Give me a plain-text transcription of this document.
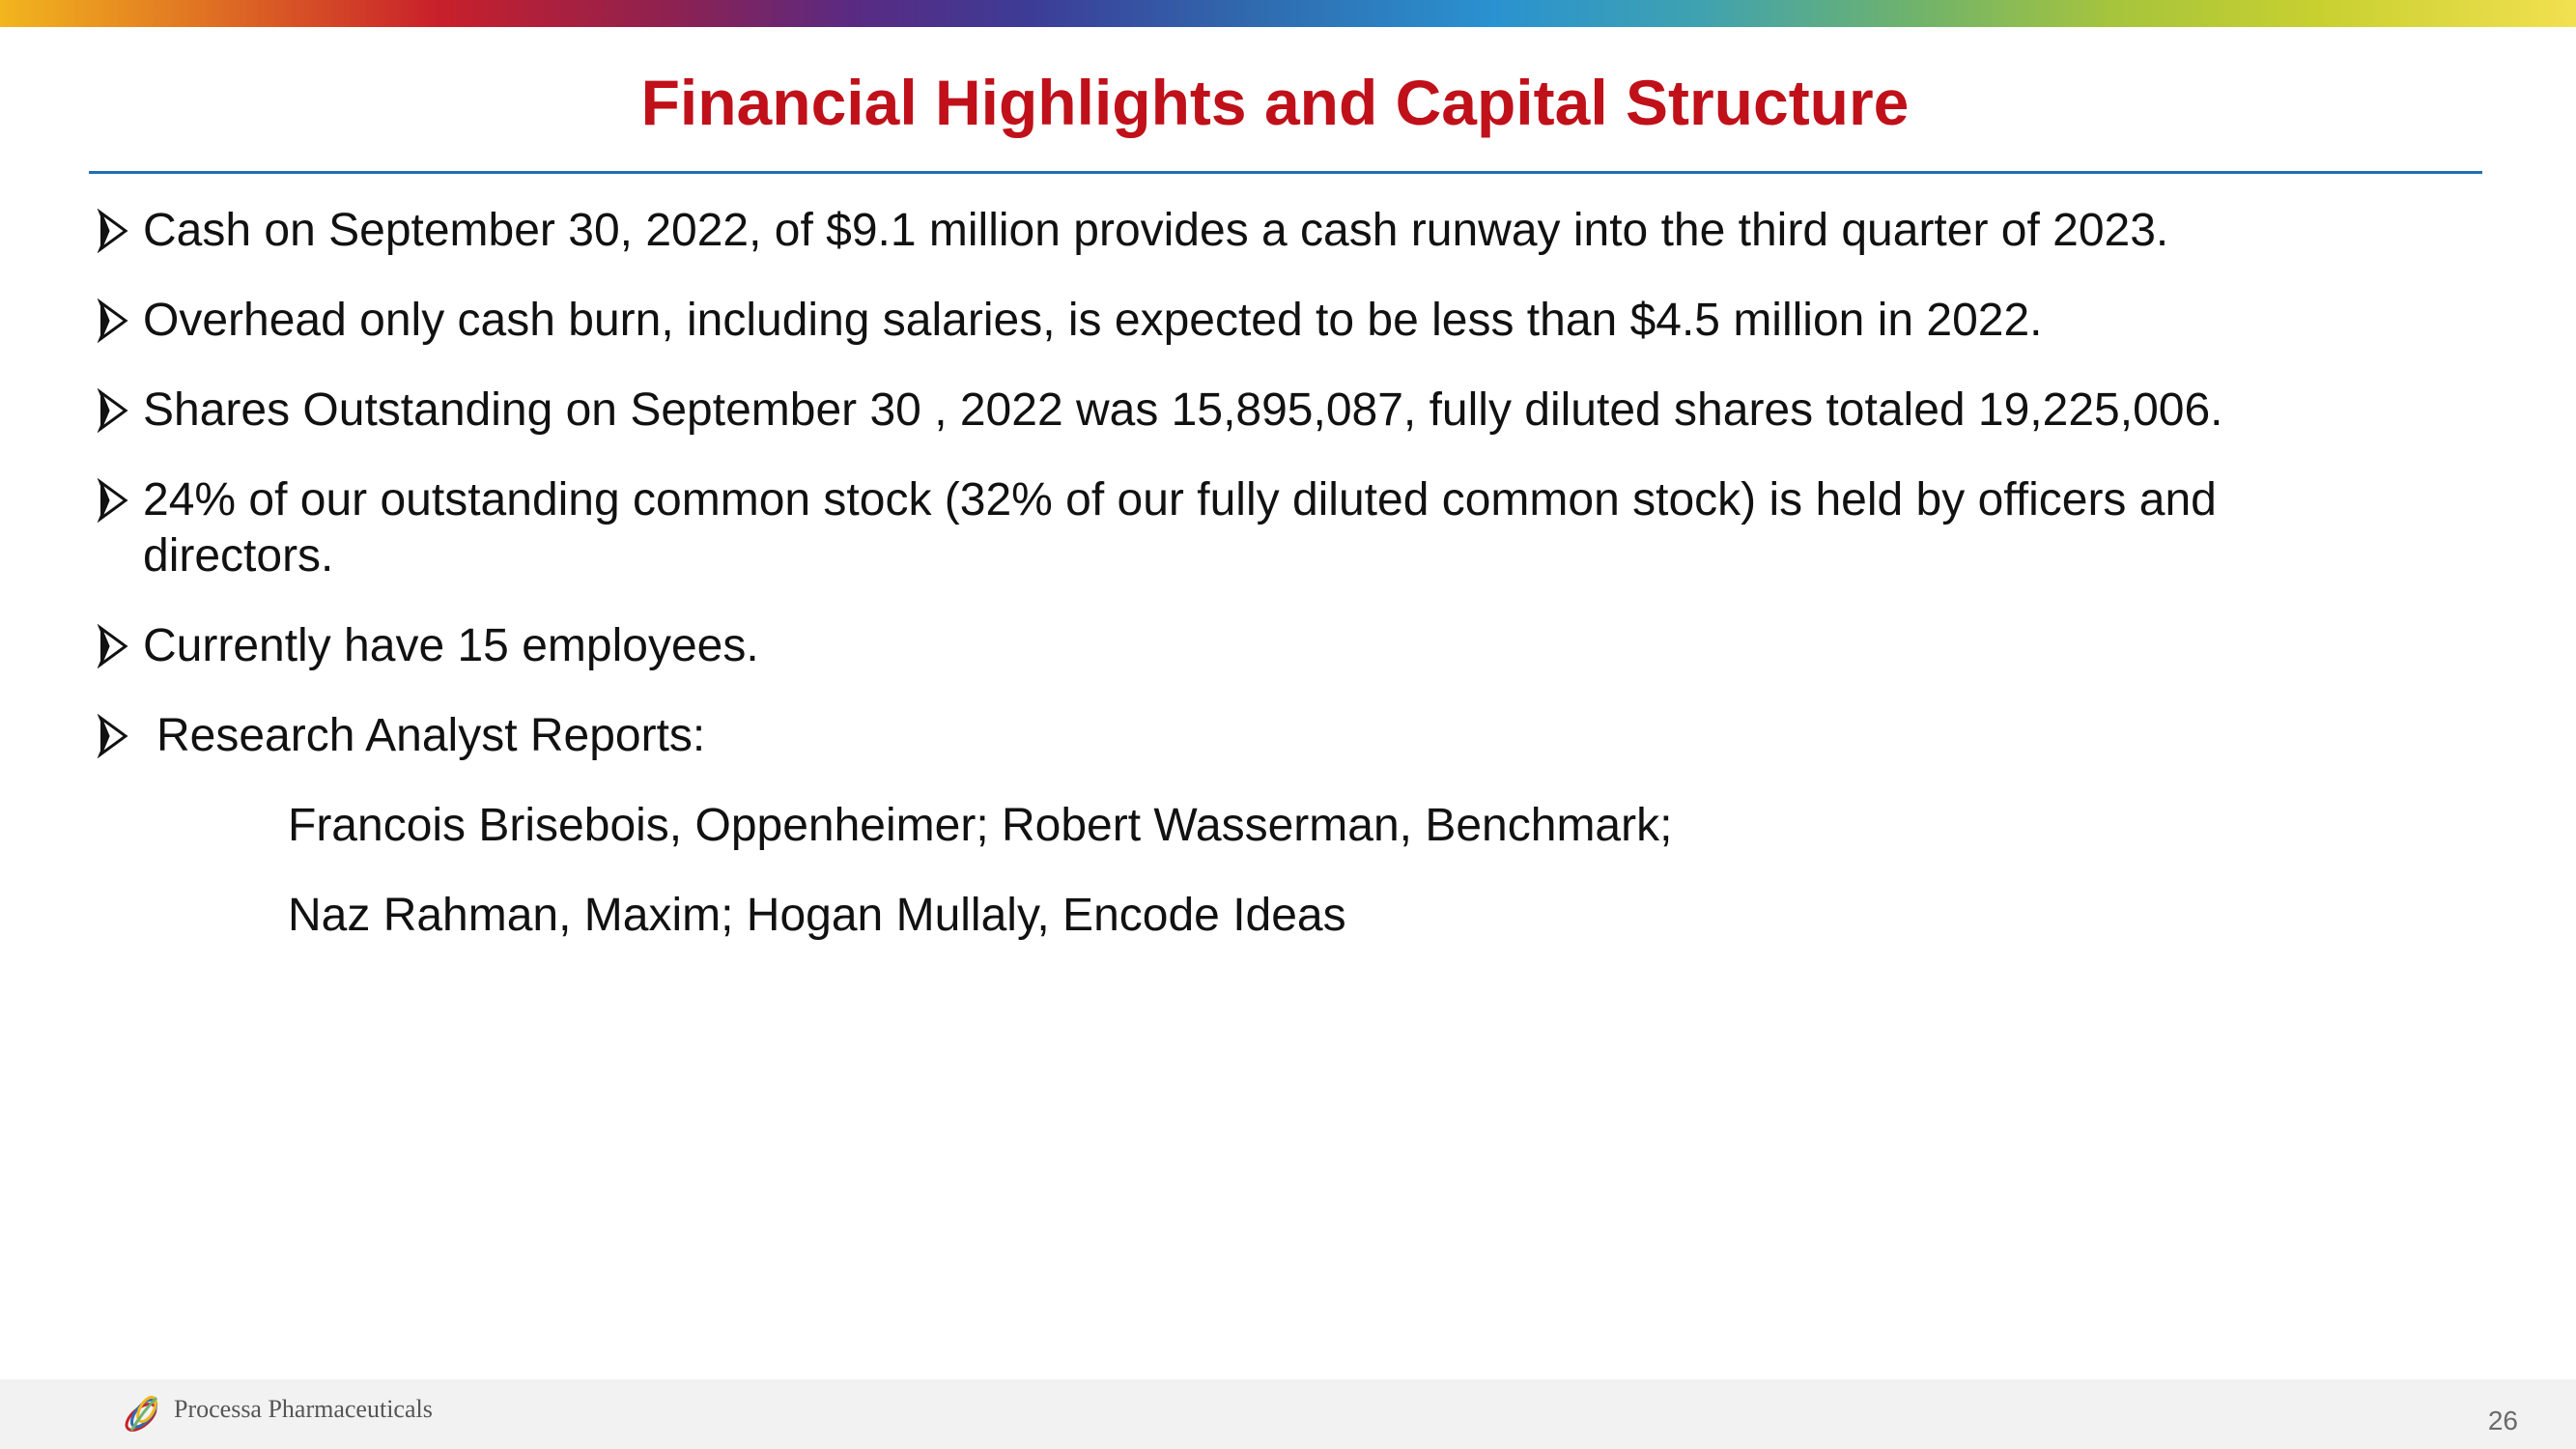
Financial Highlights and Capital Structure
Cash on September 30, 2022, of $9.1 million provides a cash runway into the third quarter of 2023.
Overhead only cash burn, including salaries, is expected to be less than $4.5 million in 2022.
Shares Outstanding on September 30 , 2022 was 15,895,087, fully diluted shares totaled 19,225,006.
24% of our outstanding common stock (32% of our fully diluted common stock) is held by officers and directors.
Currently have 15 employees.
Research Analyst Reports:
Francois Brisebois, Oppenheimer; Robert Wasserman, Benchmark;
Naz Rahman, Maxim; Hogan Mullaly, Encode Ideas
Processa Pharmaceuticals	26
